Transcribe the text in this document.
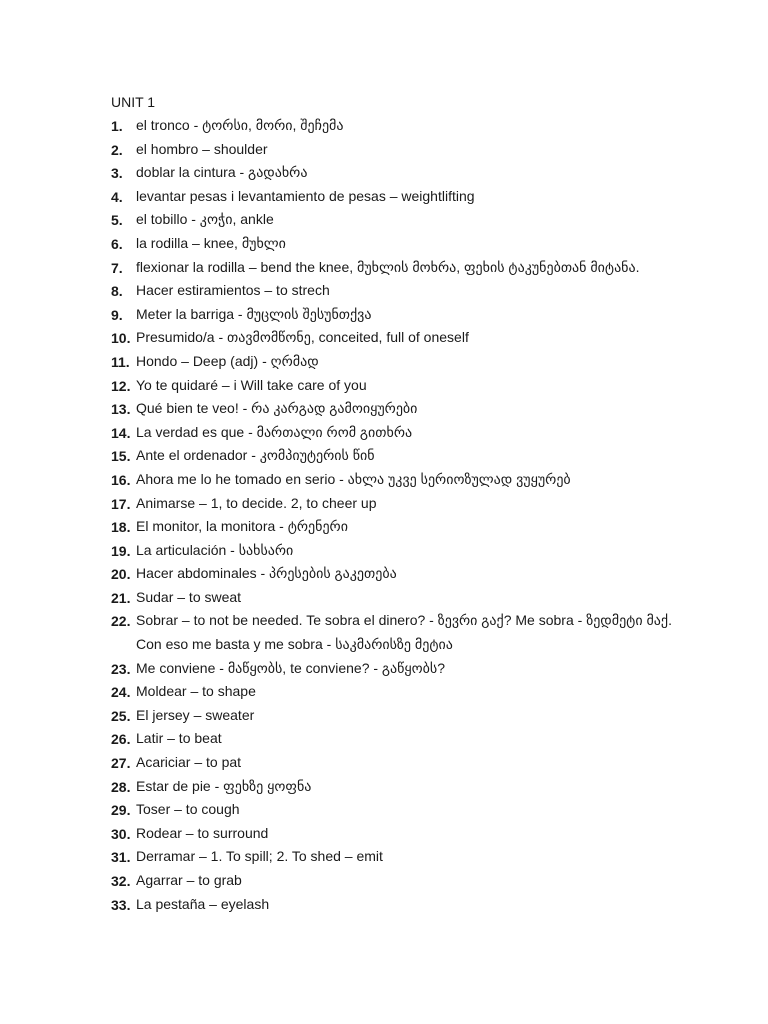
UNIT 1
1. el tronco - ტორსი, მორი, შეჩემა
2. el hombro – shoulder
3. doblar la cintura - გადახრა
4. levantar pesas i levantamiento de pesas – weightlifting
5. el tobillo - კოჭი, ankle
6. la rodilla – knee, მუხლი
7. flexionar la rodilla – bend the knee, მუხლის მოხრა, ფეხის ტაკუნებთან მიტანა.
8. Hacer estiramientos – to strech
9. Meter la barriga - მუცლის შესუნთქვა
10. Presumido/a - თავმომწონე, conceited, full of oneself
11. Hondo – Deep (adj) - ღრმად
12. Yo te quidaré – i Will take care of you
13. Qué bien te veo! - რა კარგად გამოიყურები
14. La verdad es que - მართალი რომ გითხრა
15. Ante el ordenador - კომპიუტერის წინ
16. Ahora me lo he tomado en serio - ახლა უკვე სერიოზულად ვუყურებ
17. Animarse – 1, to decide. 2, to cheer up
18. El monitor, la monitora - ტრენერი
19. La articulación - სახსარი
20. Hacer abdominales - პრესების გაკეთება
21. Sudar – to sweat
22. Sobrar – to not be needed. Te sobra el dinero? - ზევრი გაქ? Me sobra - ზედმეტი მაქ.
Con eso me basta y me sobra - საკმარისზე მეტია
23. Me conviene - მაწყობს, te conviene? - გაწყობს?
24. Moldear – to shape
25. El jersey – sweater
26. Latir – to beat
27. Acariciar – to pat
28. Estar de pie - ფეხზე ყოფნა
29. Toser – to cough
30. Rodear – to surround
31. Derramar – 1. To spill; 2. To shed – emit
32. Agarrar – to grab
33. La pestaña – eyelash
